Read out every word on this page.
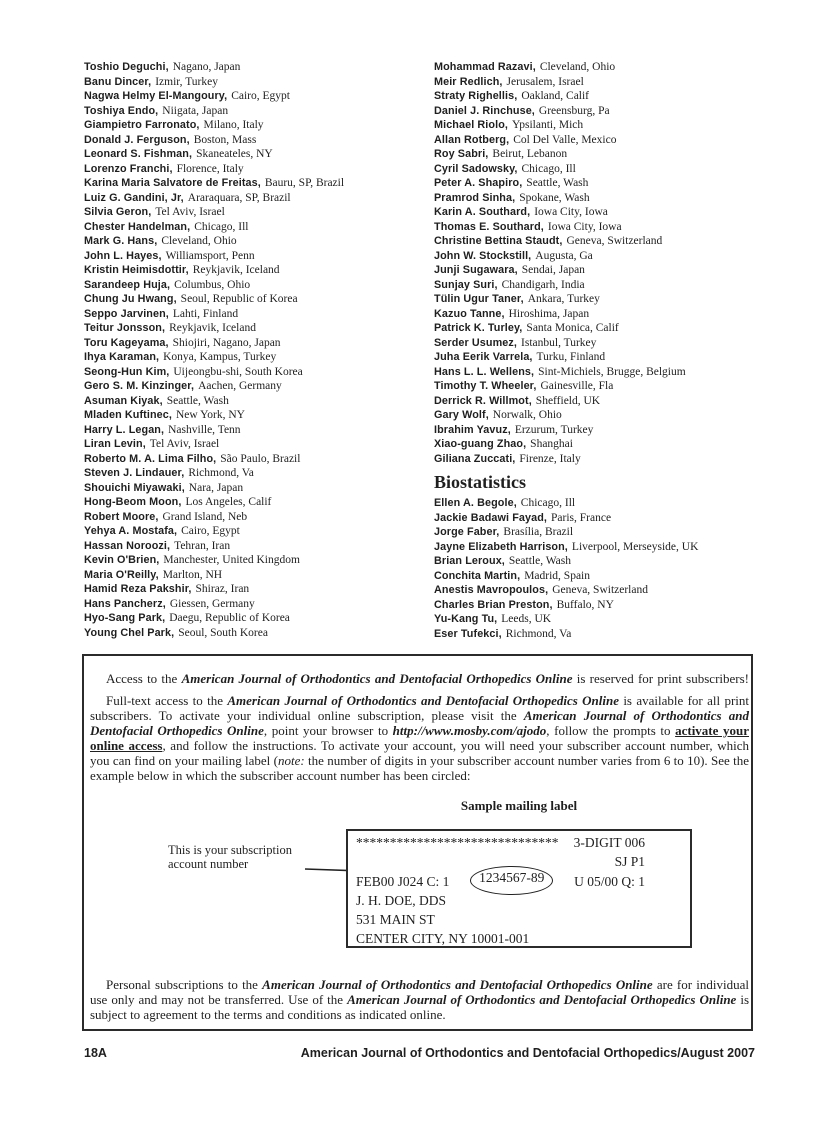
Toshio Deguchi, Nagano, Japan
Banu Dincer, Izmir, Turkey
Nagwa Helmy El-Mangoury, Cairo, Egypt
Toshiya Endo, Niigata, Japan
Giampietro Farronato, Milano, Italy
Donald J. Ferguson, Boston, Mass
Leonard S. Fishman, Skaneateles, NY
Lorenzo Franchi, Florence, Italy
Karina Maria Salvatore de Freitas, Bauru, SP, Brazil
Luiz G. Gandini, Jr, Araraquara, SP, Brazil
Silvia Geron, Tel Aviv, Israel
Chester Handelman, Chicago, Ill
Mark G. Hans, Cleveland, Ohio
John L. Hayes, Williamsport, Penn
Kristin Heimisdottir, Reykjavik, Iceland
Sarandeep Huja, Columbus, Ohio
Chung Ju Hwang, Seoul, Republic of Korea
Seppo Jarvinen, Lahti, Finland
Teitur Jonsson, Reykjavik, Iceland
Toru Kageyama, Shiojiri, Nagano, Japan
Ihya Karaman, Konya, Kampus, Turkey
Seong-Hun Kim, Uijeongbu-shi, South Korea
Gero S. M. Kinzinger, Aachen, Germany
Asuman Kiyak, Seattle, Wash
Mladen Kuftinec, New York, NY
Harry L. Legan, Nashville, Tenn
Liran Levin, Tel Aviv, Israel
Roberto M. A. Lima Filho, São Paulo, Brazil
Steven J. Lindauer, Richmond, Va
Shouichi Miyawaki, Nara, Japan
Hong-Beom Moon, Los Angeles, Calif
Robert Moore, Grand Island, Neb
Yehya A. Mostafa, Cairo, Egypt
Hassan Noroozi, Tehran, Iran
Kevin O'Brien, Manchester, United Kingdom
Maria O'Reilly, Marlton, NH
Hamid Reza Pakshir, Shiraz, Iran
Hans Pancherz, Giessen, Germany
Hyo-Sang Park, Daegu, Republic of Korea
Young Chel Park, Seoul, South Korea
Mohammad Razavi, Cleveland, Ohio
Meir Redlich, Jerusalem, Israel
Straty Righellis, Oakland, Calif
Daniel J. Rinchuse, Greensburg, Pa
Michael Riolo, Ypsilanti, Mich
Allan Rotberg, Col Del Valle, Mexico
Roy Sabri, Beirut, Lebanon
Cyril Sadowsky, Chicago, Ill
Peter A. Shapiro, Seattle, Wash
Pramrod Sinha, Spokane, Wash
Karin A. Southard, Iowa City, Iowa
Thomas E. Southard, Iowa City, Iowa
Christine Bettina Staudt, Geneva, Switzerland
John W. Stockstill, Augusta, Ga
Junji Sugawara, Sendai, Japan
Sunjay Suri, Chandigarh, India
Tülin Ugur Taner, Ankara, Turkey
Kazuo Tanne, Hiroshima, Japan
Patrick K. Turley, Santa Monica, Calif
Serder Usumez, Istanbul, Turkey
Juha Eerik Varrela, Turku, Finland
Hans L. L. Wellens, Sint-Michiels, Brugge, Belgium
Timothy T. Wheeler, Gainesville, Fla
Derrick R. Willmot, Sheffield, UK
Gary Wolf, Norwalk, Ohio
Ibrahim Yavuz, Erzurum, Turkey
Xiao-guang Zhao, Shanghai
Giliana Zuccati, Firenze, Italy
Biostatistics
Ellen A. Begole, Chicago, Ill
Jackie Badawi Fayad, Paris, France
Jorge Faber, Brasília, Brazil
Jayne Elizabeth Harrison, Liverpool, Merseyside, UK
Brian Leroux, Seattle, Wash
Conchita Martin, Madrid, Spain
Anestis Mavropoulos, Geneva, Switzerland
Charles Brian Preston, Buffalo, NY
Yu-Kang Tu, Leeds, UK
Eser Tufekci, Richmond, Va

Access to the American Journal of Orthodontics and Dentofacial Orthopedics Online is reserved for print subscribers!

Full-text access to the American Journal of Orthodontics and Dentofacial Orthopedics Online is available for all print subscribers. To activate your individual online subscription, please visit the American Journal of Orthodontics and Dentofacial Orthopedics Online, point your browser to http://www.mosby.com/ajodo, follow the prompts to activate your online access, and follow the instructions. To activate your account, you will need your subscriber account number, which you can find on your mailing label (note: the number of digits in your subscriber account number varies from 6 to 10). See the example below in which the subscriber account number has been circled:

Sample mailing label
This is your subscription
account number
****************************** 3-DIGIT 006
SJ P1
FEB00 J024 C: 1	1234567-89	U 05/00 Q: 1
J. H. DOE, DDS
531 MAIN ST
CENTER CITY, NY 10001-001

Personal subscriptions to the American Journal of Orthodontics and Dentofacial Orthopedics Online are for individual use only and may not be transferred. Use of the American Journal of Orthodontics and Dentofacial Orthopedics Online is subject to agreement to the terms and conditions as indicated online.

18A	American Journal of Orthodontics and Dentofacial Orthopedics/August 2007
